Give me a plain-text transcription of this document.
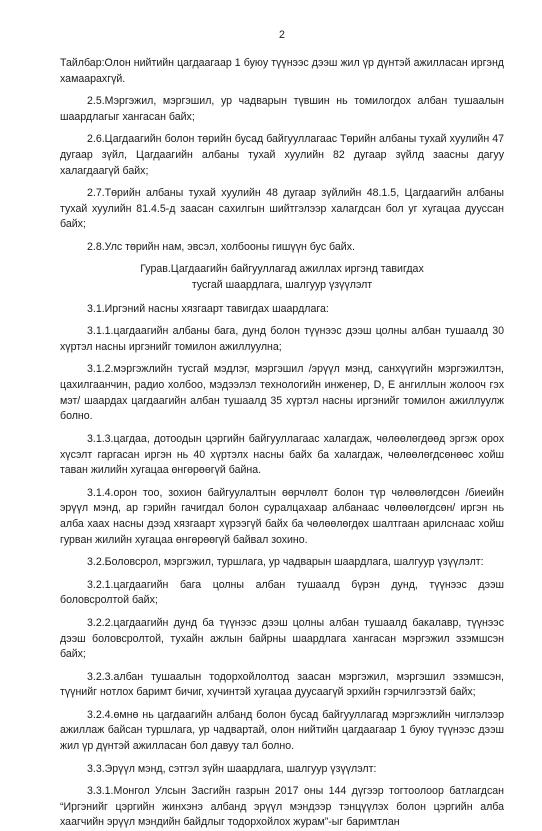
2

Тайлбар:Олон нийтийн цагдаагаар 1 буюу түүнээс дээш жил үр дүнтэй ажилласан иргэнд хамаарахгүй.

2.5.Мэргэжил, мэргэшил, ур чадварын түвшин нь томилогдох албан тушаалын шаардлагыг хангасан байх;

2.6.Цагдаагийн болон төрийн бусад байгууллагаас Төрийн албаны тухай хуулийн 47 дугаар зүйл, Цагдаагийн албаны тухай хуулийн 82 дугаар зүйлд заасны дагуу халагдаагүй байх;

2.7.Төрийн албаны тухай хуулийн 48 дугаар зүйлийн 48.1.5, Цагдаагийн албаны тухай хуулийн 81.4.5-д заасан сахилгын шийтгэлээр халагдсан бол уг хугацаа дууссан байх;

2.8.Улс төрийн нам, эвсэл, холбооны гишүүн бус байх.

Гурав.Цагдаагийн байгууллагад ажиллах иргэнд тавигдах
тусгай шаардлага, шалгуур үзүүлэлт

3.1.Иргэний насны хязгаарт тавигдах шаардлага:

3.1.1.цагдаагийн албаны бага, дунд болон түүнээс дээш цолны албан тушаалд 30 хүртэл насны иргэнийг томилон ажиллуулна;

3.1.2.мэргэжлийн тусгай мэдлэг, мэргэшил /эрүүл мэнд, санхүүгийн мэргэжилтэн, цахилгаанчин, радио холбоо, мэдээлэл технологийн инженер, D, E ангиллын жолооч гэх мэт/ шаардах цагдаагийн албан тушаалд 35 хүртэл насны иргэнийг томилон ажиллуулж болно.

3.1.3.цагдаа, дотоодын цэргийн байгууллагаас халагдаж, чөлөөлөгдөөд эргэж орох хүсэлт гаргасан иргэн нь 40 хүртэлх насны байх ба халагдаж, чөлөөлөгдсөнөөс хойш таван жилийн хугацаа өнгөрөөгүй байна.

3.1.4.орон тоо, зохион байгуулалтын өөрчлөлт болон түр чөлөөлөгдсөн /биеийн эрүүл мэнд, ар гэрийн гачигдал болон суралцахаар албанаас чөлөөлөгдсөн/ иргэн нь алба хаах насны дээд хязгаарт хүрээгүй байх ба чөлөөлөгдөх шалтгаан арилснаас хойш гурван жилийн хугацаа өнгөрөөгүй байвал зохино.

3.2.Боловсрол, мэргэжил, туршлага, ур чадварын шаардлага, шалгуур үзүүлэлт:

3.2.1.цагдаагийн бага цолны албан тушаалд бүрэн дунд, түүнээс дээш боловсролтой байх;

3.2.2.цагдаагийн дунд ба түүнээс дээш цолны албан тушаалд бакалавр, түүнээс дээш боловсролтой, тухайн ажлын байрны шаардлага хангасан мэргэжил эзэмшсэн байх;

3.2.3.албан тушаалын тодорхойлолтод заасан мэргэжил, мэргэшил эзэмшсэн, түүнийг нотлох баримт бичиг, хүчинтэй хугацаа дуусаагүй эрхийн гэрчилгээтэй байх;

3.2.4.өмнө нь цагдаагийн албанд болон бусад байгууллагад мэргэжлийн чиглэлээр ажиллаж байсан туршлага, ур чадвартай, олон нийтийн цагдаагаар 1 буюу түүнээс дээш жил үр дүнтэй ажилласан бол давуу тал болно.

3.3.Эрүүл мэнд, сэтгэл зүйн шаардлага, шалгуур үзүүлэлт:

3.3.1.Монгол Улсын Засгийн газрын 2017 оны 144 дүгээр тогтоолоор батлагдсан “Иргэнийг цэргийн жинхэнэ албанд эрүүл мэндээр тэнцүүлэх болон цэргийн алба хаагчийн эрүүл мэндийн байдлыг тодорхойлох журам”-ыг баримтлан
